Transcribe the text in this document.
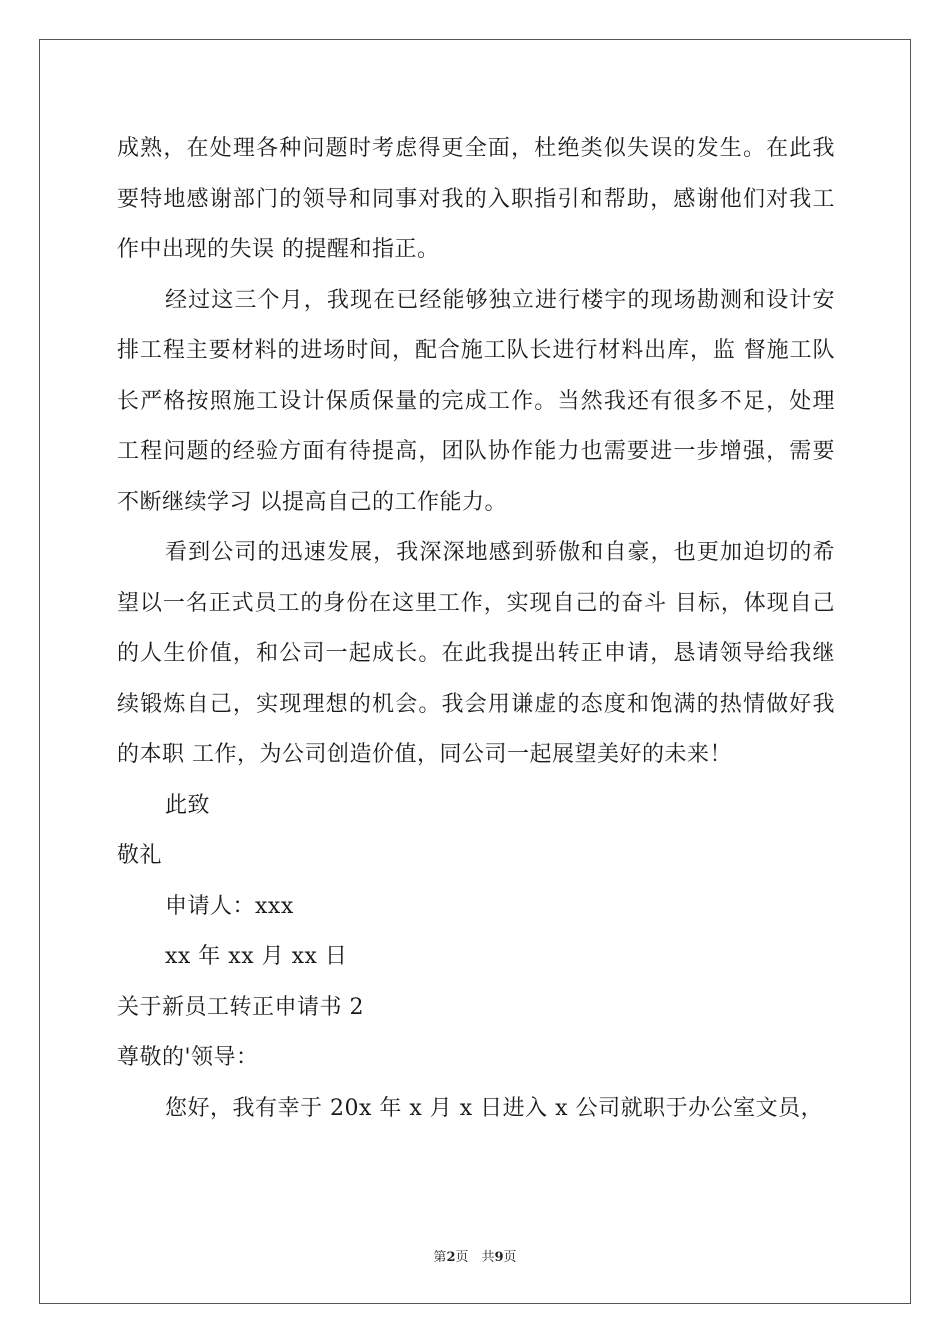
成熟，在处理各种问题时考虑得更全面，杜绝类似失误的发生。在此我要特地感谢部门的领导和同事对我的入职指引和帮助，感谢他们对我工作中出现的失误 的提醒和指正。

经过这三个月，我现在已经能够独立进行楼宇的现场勘测和设计安排工程主要材料的进场时间，配合施工队长进行材料出库，监 督施工队长严格按照施工设计保质保量的完成工作。当然我还有很多不足，处理工程问题的经验方面有待提高，团队协作能力也需要进一步增强，需要不断继续学习 以提高自己的工作能力。

看到公司的迅速发展，我深深地感到骄傲和自豪，也更加迫切的希望以一名正式员工的身份在这里工作，实现自己的奋斗 目标，体现自己的人生价值，和公司一起成长。在此我提出转正申请，恳请领导给我继续锻炼自己，实现理想的机会。我会用谦虚的态度和饱满的热情做好我的本职 工作，为公司创造价值，同公司一起展望美好的未来！

此致

敬礼

申请人：xxx

xx 年 xx 月 xx 日

关于新员工转正申请书 2

尊敬的'领导：

您好，我有幸于 20x 年 x 月 x 日进入 x 公司就职于办公室文员，

第2页　共9页
